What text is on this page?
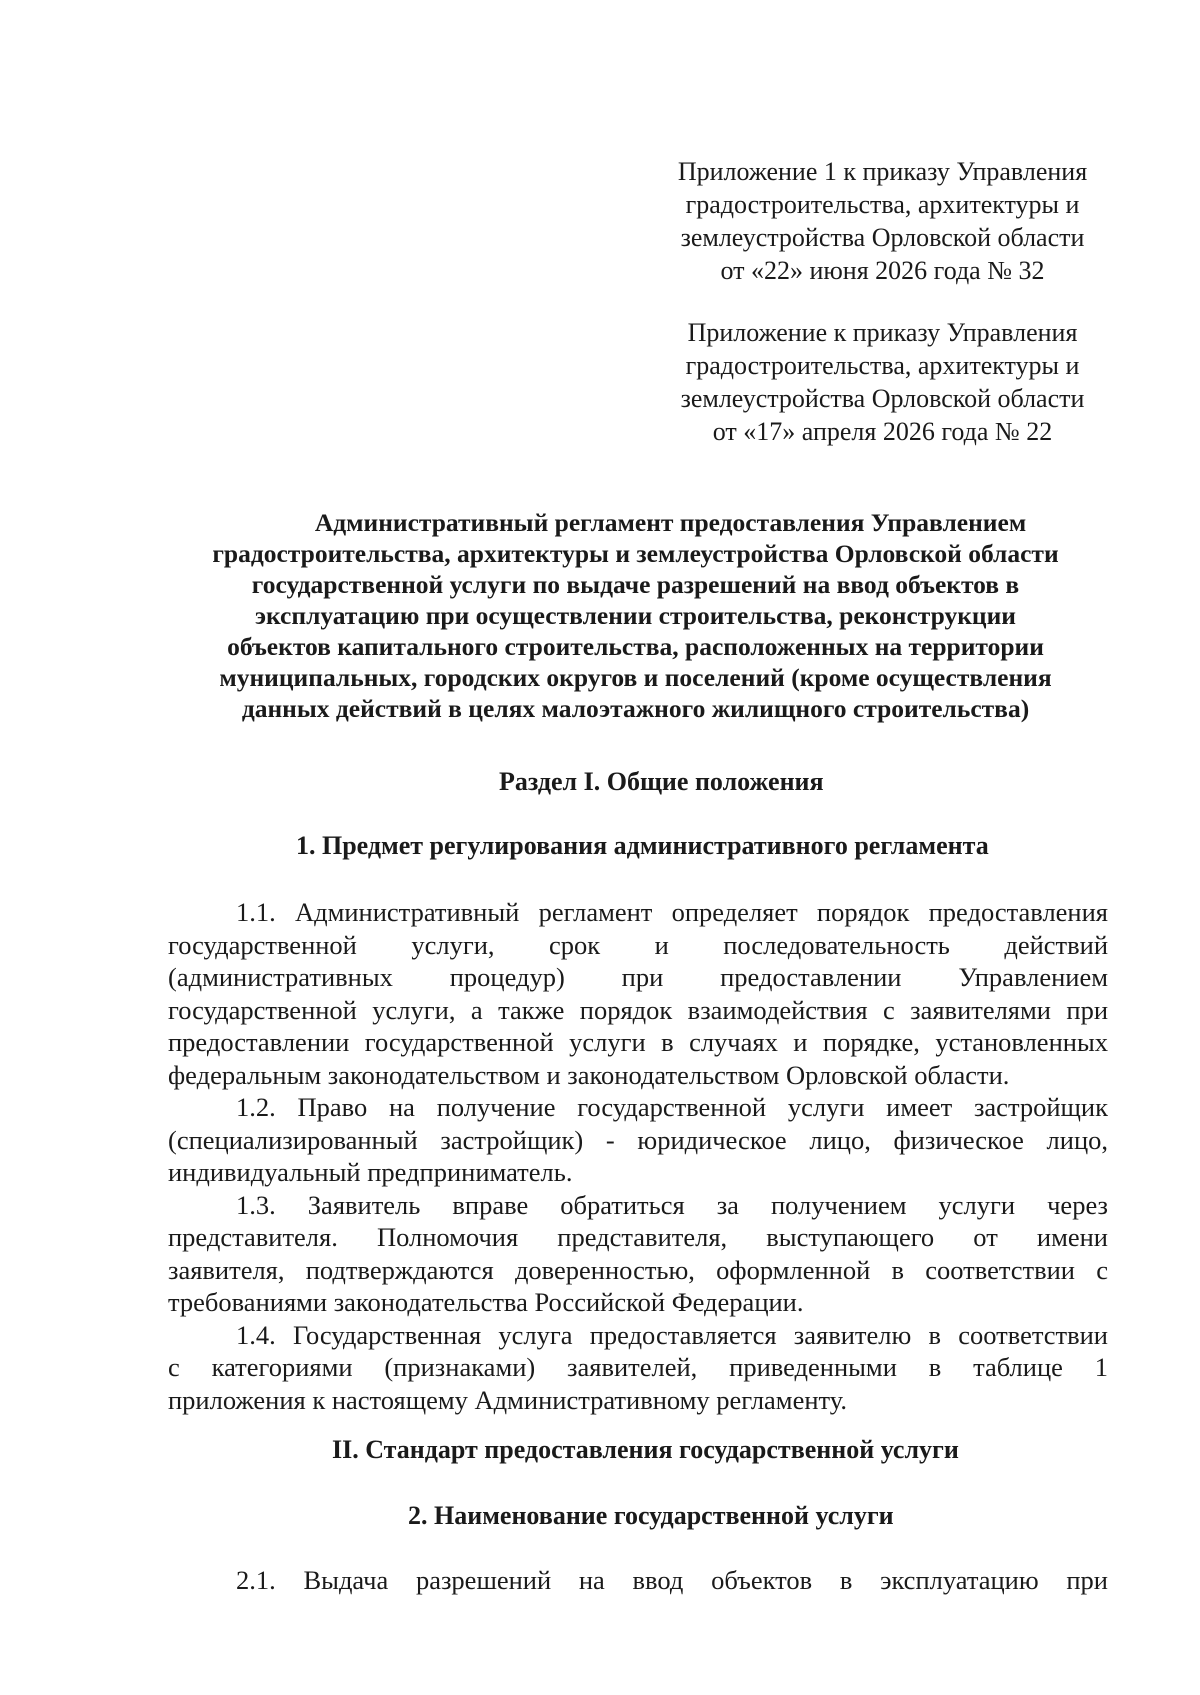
Приложение 1 к приказу Управления
градостроительства, архитектуры и
землеустройства Орловской области
от «22» июня 2026 года № 32
Приложение к приказу Управления
градостроительства, архитектуры и
землеустройства Орловской области
от «17» апреля 2026 года № 22
Административный регламент предоставления Управлением
градостроительства, архитектуры и землеустройства Орловской области
государственной услуги по выдаче разрешений на ввод объектов в
эксплуатацию при осуществлении строительства, реконструкции
объектов капитального строительства, расположенных на территории
муниципальных, городских округов и поселений (кроме осуществления
данных действий в целях малоэтажного жилищного строительства)
Раздел I. Общие положения
1. Предмет регулирования административного регламента

1.1. Административный регламент определяет порядок предоставления
государственной услуги, срок и последовательность действий
(административных процедур) при предоставлении Управлением
государственной услуги, а также порядок взаимодействия с заявителями при
предоставлении государственной услуги в случаях и порядке, установленных
федеральным законодательством и законодательством Орловской области.

1.2. Право на получение государственной услуги имеет застройщик
(специализированный застройщик) - юридическое лицо, физическое лицо,
индивидуальный предприниматель.

1.3. Заявитель вправе обратиться за получением услуги через
представителя. Полномочия представителя, выступающего от имени
заявителя, подтверждаются доверенностью, оформленной в соответствии с
требованиями законодательства Российской Федерации.

1.4. Государственная услуга предоставляется заявителю в соответствии
с категориями (признаками) заявителей, приведенными в таблице 1
приложения к настоящему Административному регламенту.

II. Стандарт предоставления государственной услуги
2. Наименование государственной услуги
2.1. Выдача разрешений на ввод объектов в эксплуатацию при
